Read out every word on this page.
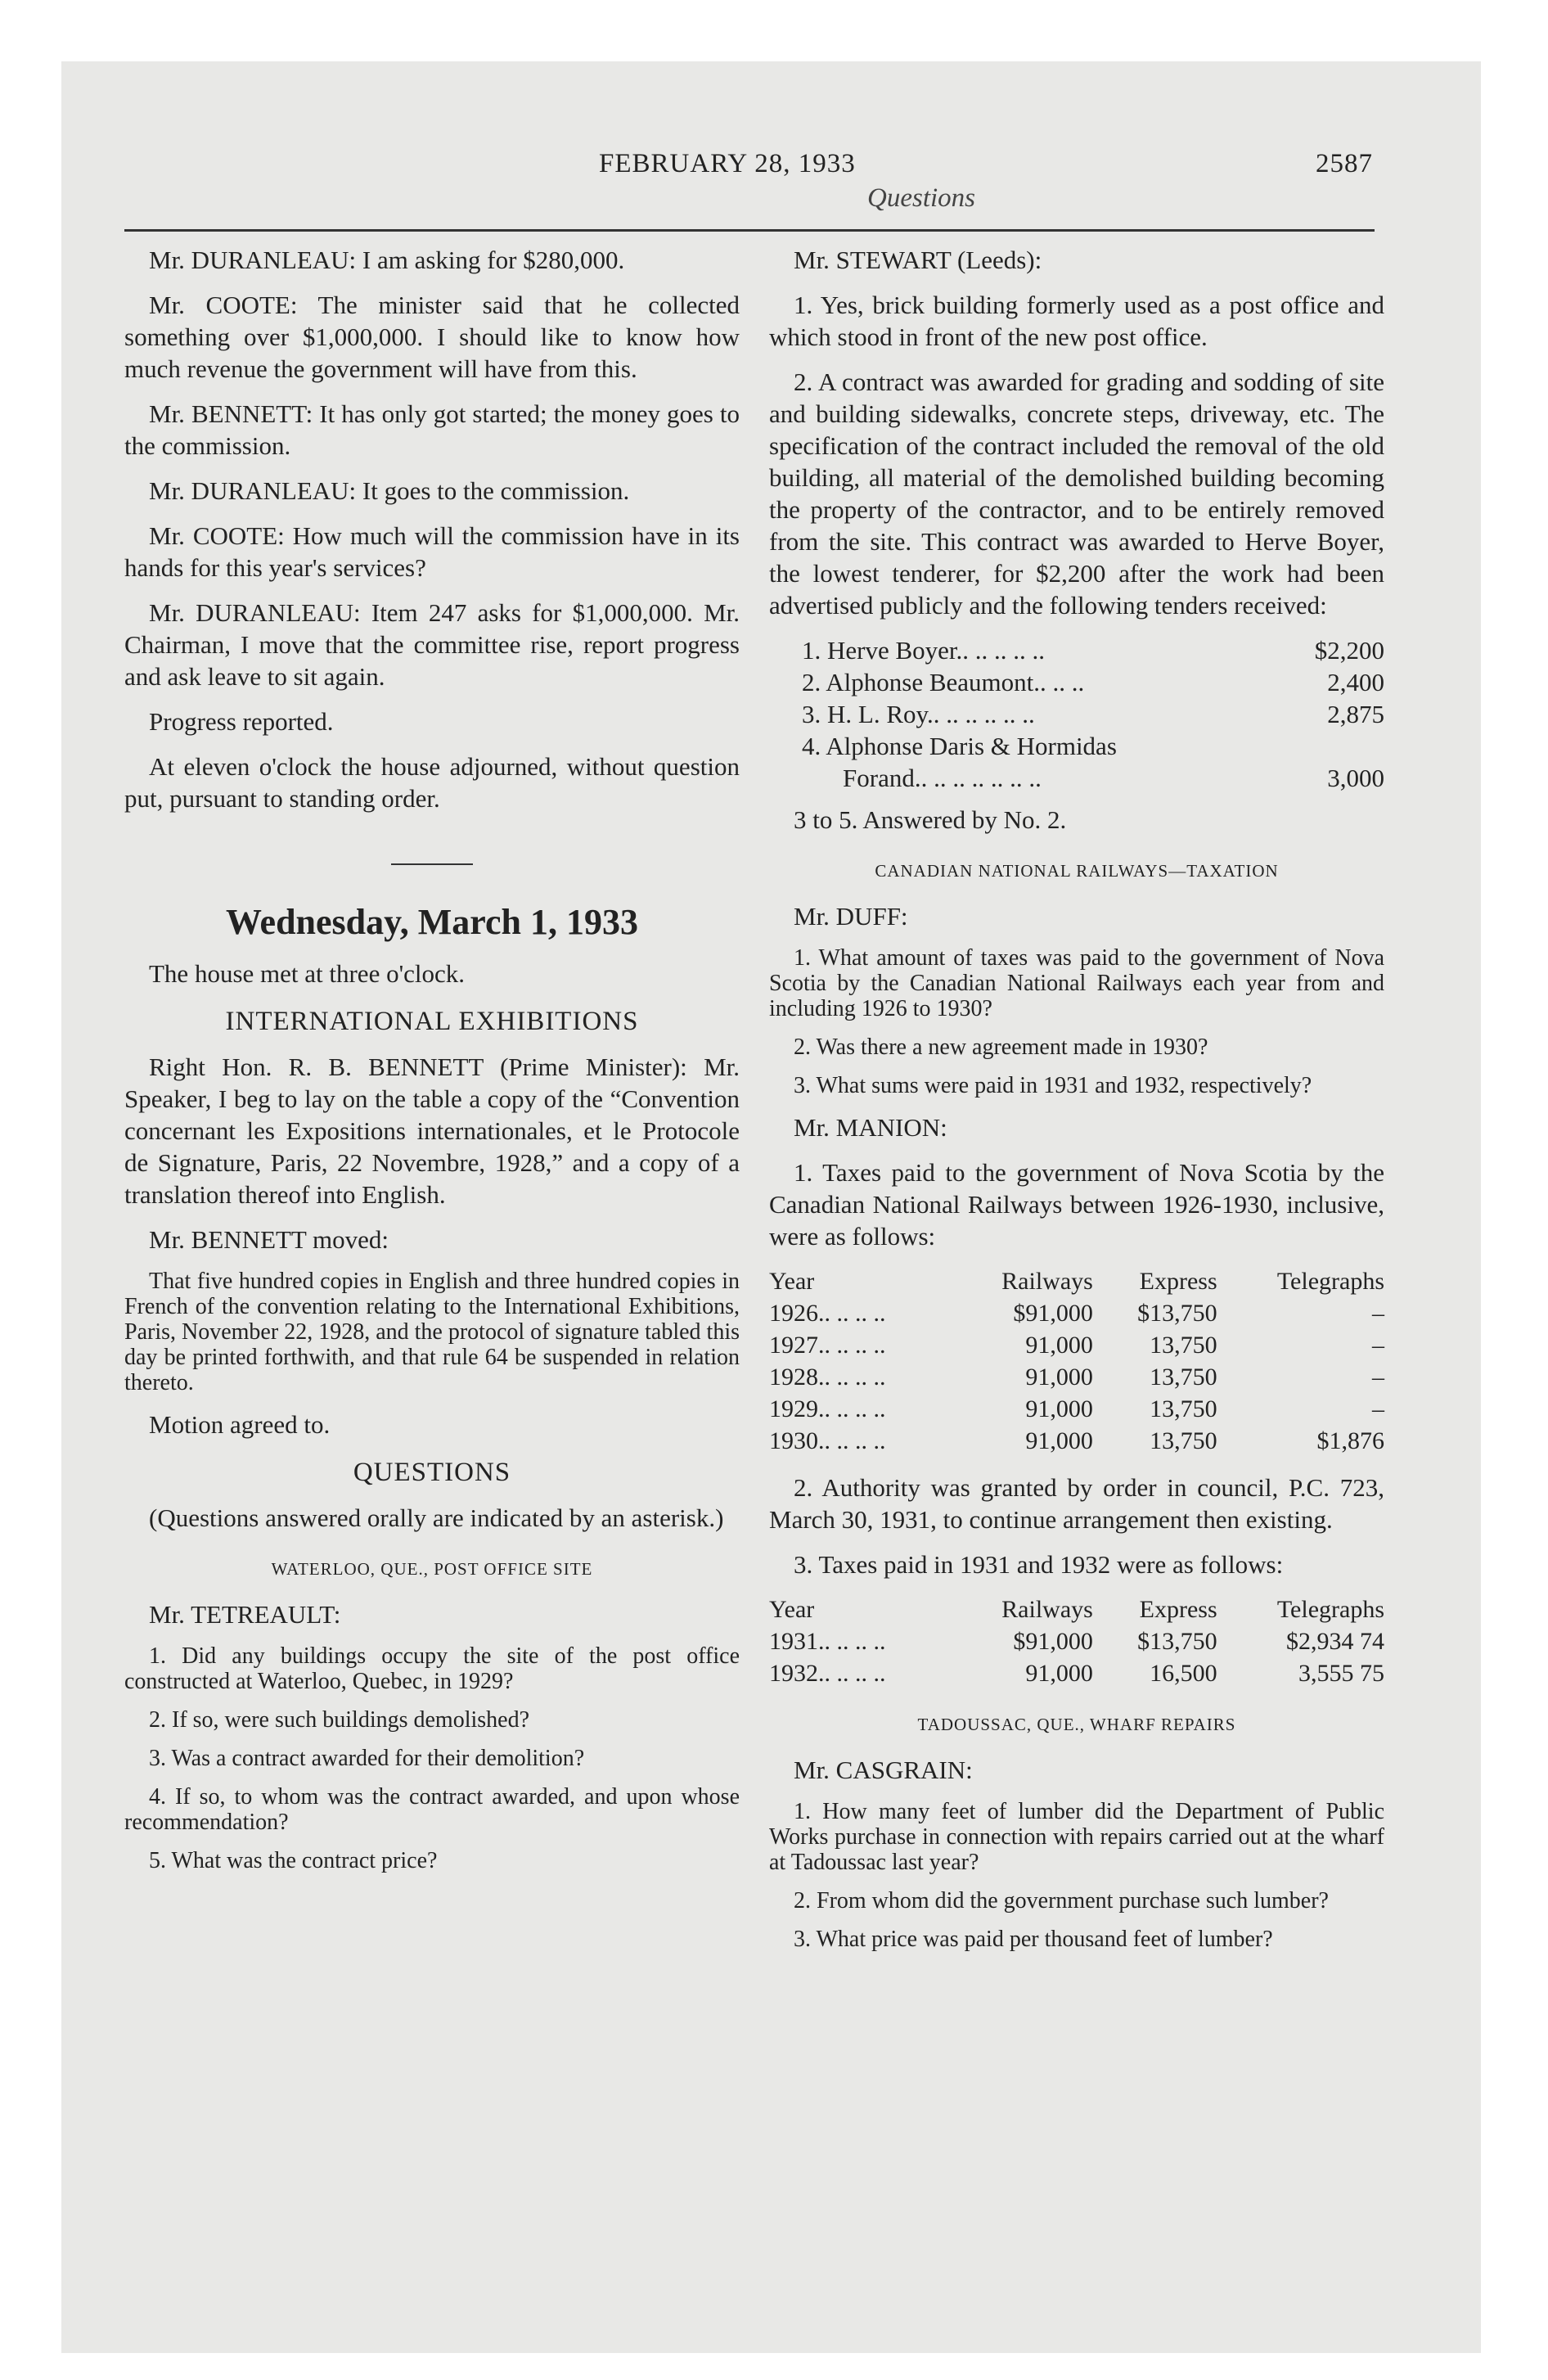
FEBRUARY 28, 1933	2587
Questions

Mr. DURANLEAU: I am asking for $280,000.

Mr. COOTE: The minister said that he collected something over $1,000,000. I should like to know how much revenue the government will have from this.

Mr. BENNETT: It has only got started; the money goes to the commission.

Mr. DURANLEAU: It goes to the commission.

Mr. COOTE: How much will the commission have in its hands for this year's services?

Mr. DURANLEAU: Item 247 asks for $1,000,000. Mr. Chairman, I move that the committee rise, report progress and ask leave to sit again.

Progress reported.

At eleven o'clock the house adjourned, without question put, pursuant to standing order.

Wednesday, March 1, 1933

The house met at three o'clock.

INTERNATIONAL EXHIBITIONS

Right Hon. R. B. BENNETT (Prime Minister): Mr. Speaker, I beg to lay on the table a copy of the “Convention concernant les Expositions internationales, et le Protocole de Signature, Paris, 22 Novembre, 1928,” and a copy of a translation thereof into English.

Mr. BENNETT moved:

That five hundred copies in English and three hundred copies in French of the convention relating to the International Exhibitions, Paris, November 22, 1928, and the protocol of signature tabled this day be printed forthwith, and that rule 64 be suspended in relation thereto.

Motion agreed to.

QUESTIONS

(Questions answered orally are indicated by an asterisk.)

WATERLOO, QUE., POST OFFICE SITE

Mr. TETREAULT:

1. Did any buildings occupy the site of the post office constructed at Waterloo, Quebec, in 1929?

2. If so, were such buildings demolished?

3. Was a contract awarded for their demolition?

4. If so, to whom was the contract awarded, and upon whose recommendation?

5. What was the contract price?

Mr. STEWART (Leeds):

1. Yes, brick building formerly used as a post office and which stood in front of the new post office.

2. A contract was awarded for grading and sodding of site and building sidewalks, concrete steps, driveway, etc. The specification of the contract included the removal of the old building, all material of the demolished building becoming the property of the contractor, and to be entirely removed from the site. This contract was awarded to Herve Boyer, the lowest tenderer, for $2,200 after the work had been advertised publicly and the following tenders received:

1. Herve Boyer.. .. .. .. ..	$2,200
2. Alphonse Beaumont.. .. ..	2,400
3. H. L. Roy.. .. .. .. .. ..	2,875
4. Alphonse Daris & Hormidas
Forand.. .. .. .. .. .. ..	3,000

3 to 5. Answered by No. 2.

CANADIAN NATIONAL RAILWAYS—TAXATION

Mr. DUFF:

1. What amount of taxes was paid to the government of Nova Scotia by the Canadian National Railways each year from and including 1926 to 1930?

2. Was there a new agreement made in 1930?

3. What sums were paid in 1931 and 1932, respectively?

Mr. MANION:

1. Taxes paid to the government of Nova Scotia by the Canadian National Railways between 1926-1930, inclusive, were as follows:

Year	Railways	Express	Telegraphs
1926.. .. .. ..	$91,000	$13,750	–
1927.. .. .. ..	91,000	13,750	–
1928.. .. .. ..	91,000	13,750	–
1929.. .. .. ..	91,000	13,750	–
1930.. .. .. ..	91,000	13,750	$1,876

2. Authority was granted by order in council, P.C. 723, March 30, 1931, to continue arrangement then existing.

3. Taxes paid in 1931 and 1932 were as follows:

Year	Railways	Express	Telegraphs
1931.. .. .. ..	$91,000	$13,750	$2,934 74
1932.. .. .. ..	91,000	16,500	3,555 75
TADOUSSAC, QUE., WHARF REPAIRS

Mr. CASGRAIN:

1. How many feet of lumber did the Department of Public Works purchase in connection with repairs carried out at the wharf at Tadoussac last year?

2. From whom did the government purchase such lumber?

3. What price was paid per thousand feet of lumber?
